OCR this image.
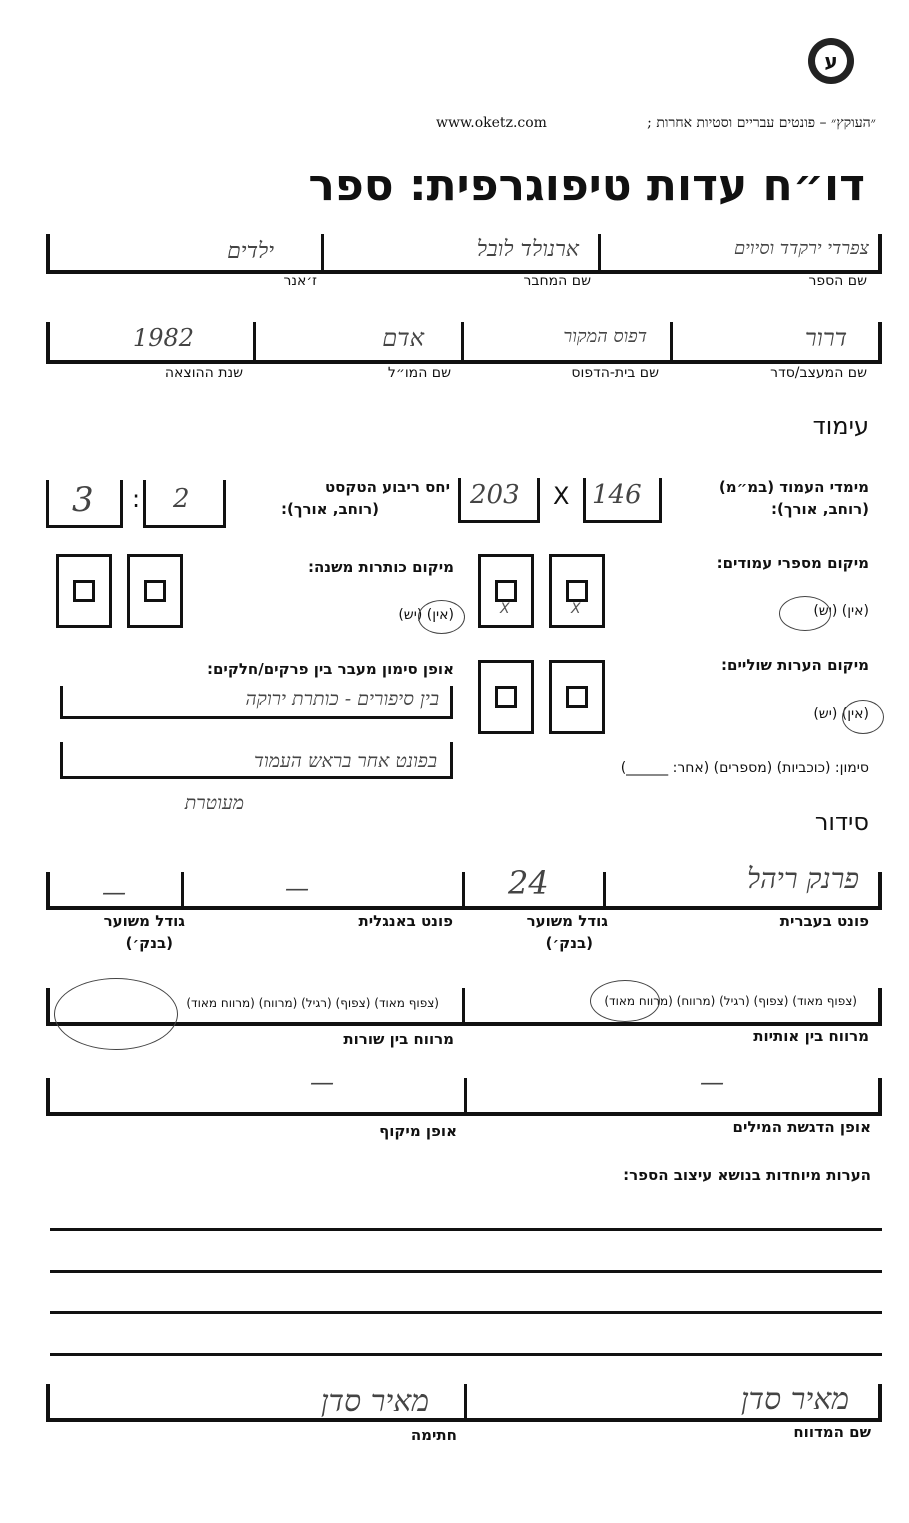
ע
www.oketz.com	״העוקץ״ – פונטים עבריים וסטיות אחרות ;
דו״ח עדות טיפוגרפית: ספר
צפרדי ירקדד וסיוים
ארנולד לובל
ילדים
שם הספר
שם המחבר
ז׳אנר
דרור
דפוס המקור
אדם
1982
שם המעצב/סדר
שם בית-הדפוס
שם המו״ל
שנת ההוצאה
עימוד
מימדי העמוד (במ״מ)
(רוחב, אורך):
146
X
203
יחס ריבוע הטקסט
(רוחב, אורך):
2
:
3
מיקום מספרי עמודים:
X
X	(אין) (יש)
מיקום כותרות משנה:
(אין) (יש)
מיקום הערות שוליים:
(אין) (יש)
סימון: (כוכביות) (מספרים) (אחר: ______)
אופן סימון מעבר בין פרקים/חלקים:
בין סיפורים - כותרת ירוקה
בפונט אחר בראש העמוד
מעוטרת
סידור
פרנק ריהל
24
—
—
פונט בעברית
גודל משוער
(בנק׳)
פונט באנגלית
גודל משוער
(בנק׳)
(צפוף מאוד) (צפוף) (רגיל) (מרווח) (מרווח מאוד)
(צפוף מאוד) (צפוף) (רגיל) (מרווח) (מרווח מאוד)
מרווח בין אותיות
מרווח בין שורות
—
—
אופן הדגשת המילים
אופן מיקוף
הערות מיוחדות בנושא עיצוב הספר:
מאיר סדן
מאיר סדן
שם המדווח
חתימה
